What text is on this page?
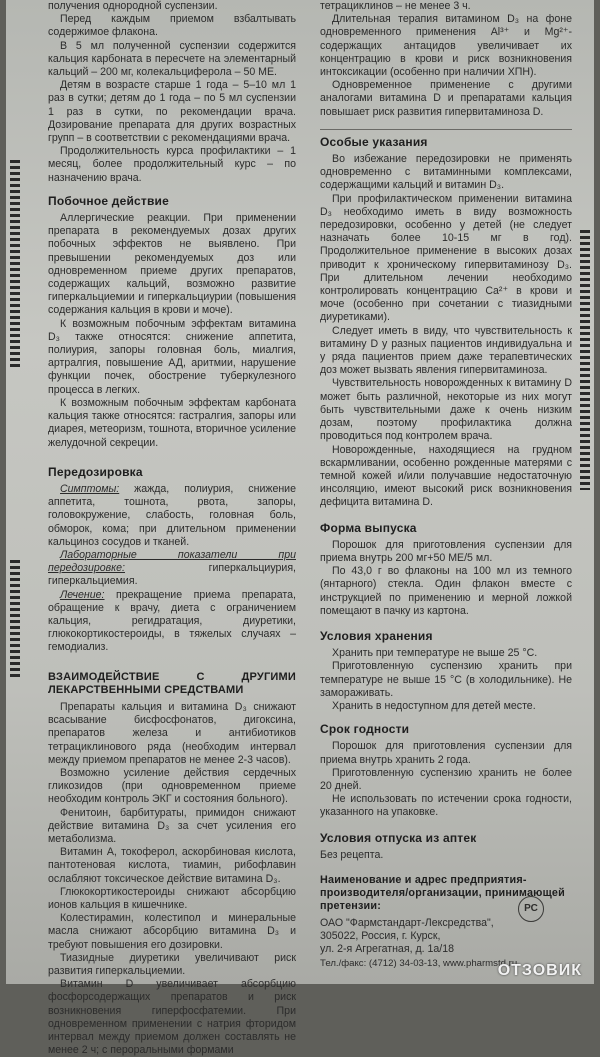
получения однородной суспензии.

Перед каждым приемом взбалтывать содержимое флакона.

В 5 мл полученной суспензии содержится кальция карбоната в пересчете на элементарный кальций – 200 мг, колекальциферола – 50 МЕ.

Детям в возрасте старше 1 года – 5–10 мл 1 раз в сутки; детям до 1 года – по 5 мл суспензии 1 раз в сутки, по рекомендации врача. Дозирование препарата для других возрастных групп – в соответствии с рекомендациями врача.

Продолжительность курса профилактики – 1 месяц, более продолжительный курс – по назначению врача.

Побочное действие

Аллергические реакции. При применении препарата в рекомендуемых дозах других побочных эффектов не выявлено. При превышении рекомендуемых доз или одновременном приеме других препаратов, содержащих кальций, возможно развитие гиперкальциемии и гиперкальциурии (повышения содержания кальция в крови и моче).

К возможным побочным эффектам витамина D₃ также относятся: снижение аппетита, полиурия, запоры головная боль, миалгия, артралгия, повышение АД, аритмии, нарушение функции почек, обострение туберкулезного процесса в легких.

К возможным побочным эффектам карбоната кальция также относятся: гастралгия, запоры или диарея, метеоризм, тошнота, вторичное усиление желудочной секреции.

Передозировка

Симптомы: жажда, полиурия, снижение аппетита, тошнота, рвота, запоры, головокружение, слабость, головная боль, обморок, кома; при длительном применении кальциноз сосудов и тканей.

Лабораторные показатели при передозировке: гиперкальциурия, гиперкальциемия.

Лечение: прекращение приема препарата, обращение к врачу, диета с ограничением кальция, регидратация, диуретики, глюкокортикостероиды, в тяжелых случаях – гемодиализ.

ВЗАИМОДЕЙСТВИЕ С ДРУГИМИ ЛЕКАРСТВЕННЫМИ СРЕДСТВАМИ

Препараты кальция и витамина D₃ снижают всасывание бисфосфонатов, дигоксина, препаратов железа и антибиотиков тетрациклинового ряда (необходим интервал между приемом препаратов не менее 2-3 часов).

Возможно усиление действия сердечных гликозидов (при одновременном приеме необходим контроль ЭКГ и состояния больного).

Фенитоин, барбитураты, примидон снижают действие витамина D₃ за счет усиления его метаболизма.

Витамин А, токоферол, аскорбиновая кислота, пантотеновая кислота, тиамин, рибофлавин ослабляют токсическое действие витамина D₃.

Глюкокортикостероиды снижают абсорбцию ионов кальция в кишечнике.

Колестирамин, колестипол и минеральные масла снижают абсорбцию витамина D₃ и требуют повышения его дозировки.

Тиазидные диуретики увеличивают риск развития гиперкальциемии.

Витамин D увеличивает абсорбцию фосфорсодержащих препаратов и риск возникновения гиперфосфатемии. При одновременном применении с натрия фторидом интервал между приемом должен составлять не менее 2 ч; с пероральными формами

тетрациклинов – не менее 3 ч.

Длительная терапия витамином D₃ на фоне одновременного применения Al³⁺ и Mg²⁺-содержащих антацидов увеличивает их концентрацию в крови и риск возникновения интоксикации (особенно при наличии ХПН).

Одновременное применение с другими аналогами витамина D и препаратами кальция повышает риск развития гипервитаминоза D.

Особые указания

Во избежание передозировки не применять одновременно с витаминными комплексами, содержащими кальций и витамин D₃.

При профилактическом применении витамина D₃ необходимо иметь в виду возможность передозировки, особенно у детей (не следует назначать более 10-15 мг в год). Продолжительное применение в высоких дозах приводит к хроническому гипервитаминозу D₃. При длительном лечении необходимо контролировать концентрацию Ca²⁺ в крови и моче (особенно при сочетании с тиазидными диуретиками).

Следует иметь в виду, что чувствительность к витамину D у разных пациентов индивидуальна и у ряда пациентов прием даже терапевтических доз может вызвать явления гипервитаминоза.

Чувствительность новорожденных к витамину D может быть различной, некоторые из них могут быть чувствительными даже к очень низким дозам, поэтому профилактика должна проводиться под контролем врача.

Новорожденные, находящиеся на грудном вскармливании, особенно рожденные матерями с темной кожей и/или получавшие недостаточную инсоляцию, имеют высокий риск возникновения дефицита витамина D.

Форма выпуска

Порошок для приготовления суспензии для приема внутрь 200 мг+50 МЕ/5 мл.

По 43,0 г во флаконы на 100 мл из темного (янтарного) стекла. Один флакон вместе с инструкцией по применению и мерной ложкой помещают в пачку из картона.

Условия хранения

Хранить при температуре не выше 25 °С.

Приготовленную суспензию хранить при температуре не выше 15 °С (в холодильнике). Не замораживать.

Хранить в недоступном для детей месте.

Срок годности

Порошок для приготовления суспензии для приема внутрь хранить 2 года.

Приготовленную суспензию хранить не более 20 дней.

Не использовать по истечении срока годности, указанного на упаковке.

Условия отпуска из аптек

Без рецепта.

Наименование и адрес предприятия-производителя/организации, принимающей претензии:

ОАО "Фармстандарт-Лексредства",

305022, Россия, г. Курск,

ул. 2-я Агрегатная, д. 1а/18

Тел./факс: (4712) 34-03-13, www.pharmstd.ru

РС
ОТЗОВИК
